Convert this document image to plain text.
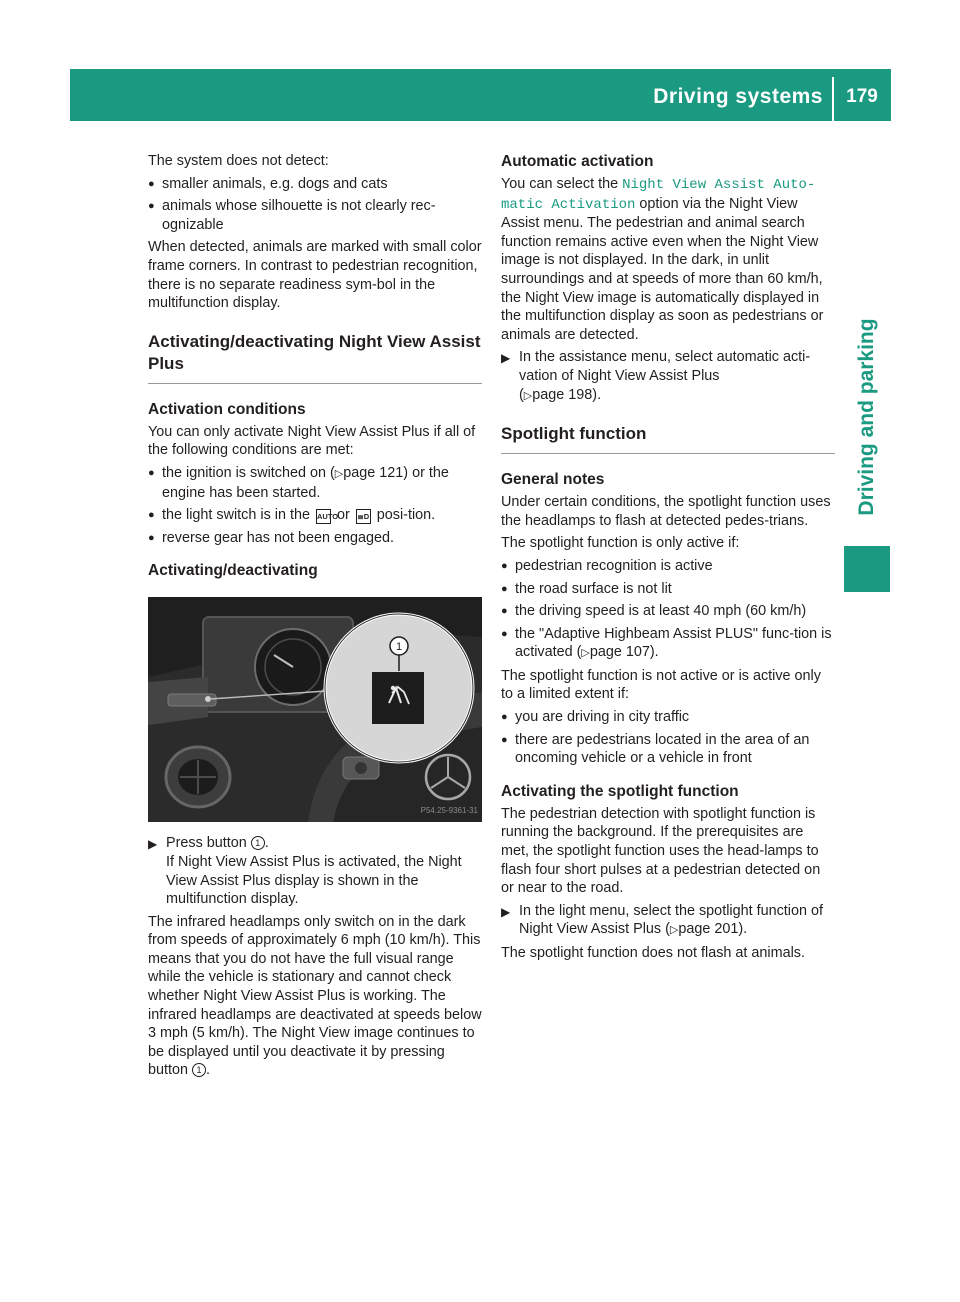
Driving systems	179
Driving and parking

The system does not detect:

● smaller animals, e.g. dogs and cats
● animals whose silhouette is not clearly rec-ognizable

When detected, animals are marked with small color frame corners. In contrast to pedestrian recognition, there is no separate readiness sym-bol in the multifunction display.

Activating/deactivating Night View Assist Plus
Activation conditions

You can only activate Night View Assist Plus if all of the following conditions are met:

● the ignition is switched on (▷page 121) or the engine has been started.
● the light switch is in the AUTO or ≣D posi-tion.
● reverse gear has not been engaged.
Activating/deactivating
1
P54.25-9361-31
▶ Press button 1 .
If Night View Assist Plus is activated, the Night View Assist Plus display is shown in the multifunction display.

The infrared headlamps only switch on in the dark from speeds of approximately 6 mph (10 km/h). This means that you do not have the full visual range while the vehicle is stationary and cannot check whether Night View Assist Plus is working. The infrared headlamps are deactivated at speeds below 3 mph (5 km/h). The Night View image continues to be displayed until you deactivate it by pressing button 1 .

Automatic activation

You can select the Night View Assist Auto-matic Activation option via the Night View Assist menu. The pedestrian and animal search function remains active even when the Night View image is not displayed. In the dark, in unlit surroundings and at speeds of more than 60 km/h, the Night View image is automatically displayed in the multifunction display as soon as pedestrians or animals are detected.

▶ In the assistance menu, select automatic acti-vation of Night View Assist Plus
(▷page 198).
Spotlight function
General notes

Under certain conditions, the spotlight function uses the headlamps to flash at detected pedes-trians.

The spotlight function is only active if:

● pedestrian recognition is active
● the road surface is not lit
● the driving speed is at least 40 mph (60 km/h)
● the "Adaptive Highbeam Assist PLUS" func-tion is activated (▷page 107).

The spotlight function is not active or is active only to a limited extent if:

● you are driving in city traffic
● there are pedestrians located in the area of an oncoming vehicle or a vehicle in front
Activating the spotlight function

The pedestrian detection with spotlight function is running the background. If the prerequisites are met, the spotlight function uses the head-lamps to flash four short pulses at a pedestrian detected on or near to the road.

▶ In the light menu, select the spotlight function of Night View Assist Plus (▷page 201).

The spotlight function does not flash at animals.
